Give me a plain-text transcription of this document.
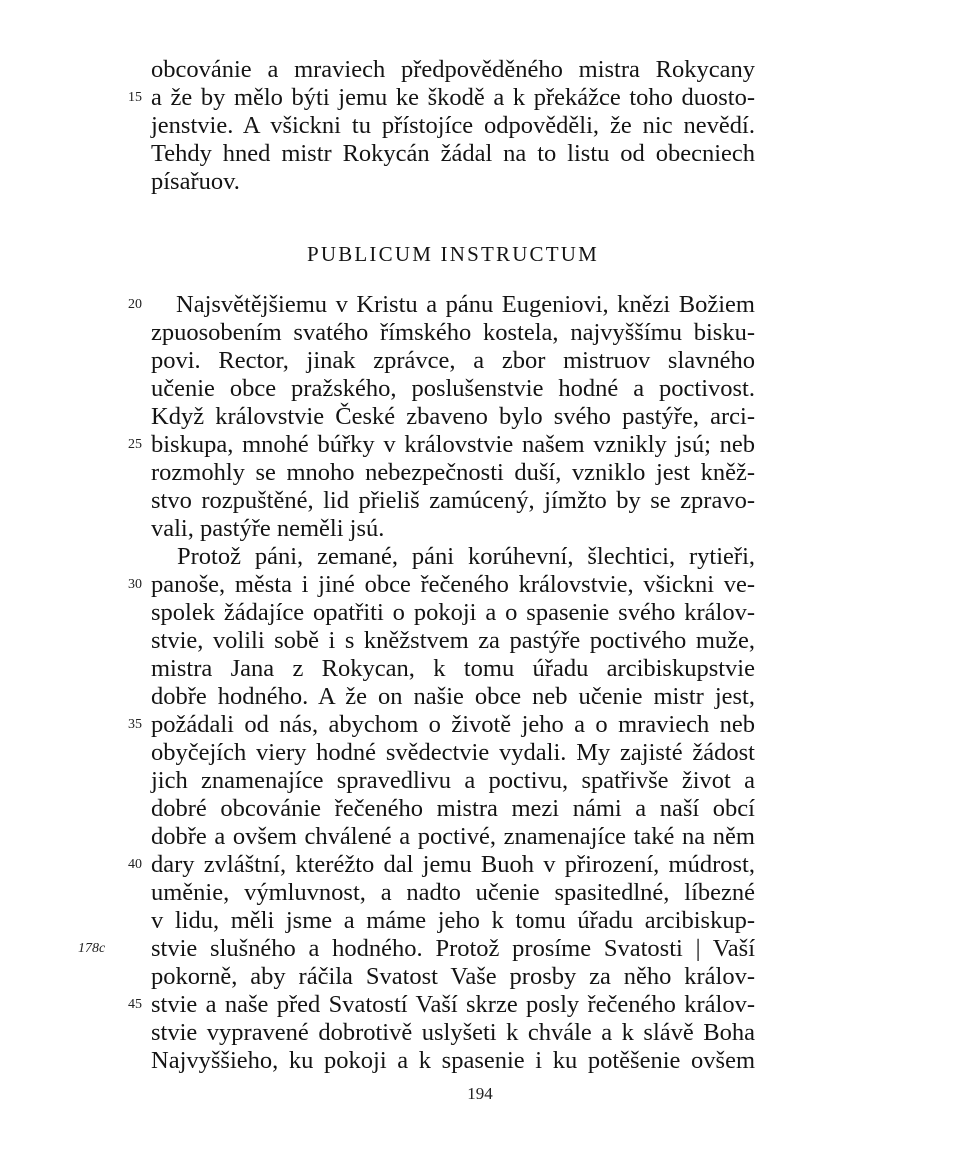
obcovánie a mraviech předpověděného mistra Rokycany
a že by mělo býti jemu ke škodě a k překážce toho duosto-
jenstvie. A všickni tu přístojíce odpověděli, že nic nevědí.
Tehdy hned mistr Rokycán žádal na to listu od obecniech
písařuov.
PUBLICUM INSTRUCTUM
Najsvětějšiemu v Kristu a pánu Eugeniovi, knězi Božiem
zpuosobením svatého římského kostela, najvyššímu bisku-
povi. Rector, jinak zprávce, a zbor mistruov slavného
učenie obce pražského, poslušenstvie hodné a poctivost.
Když královstvie České zbaveno bylo svého pastýře, arci-
biskupa, mnohé búřky v královstvie našem vznikly jsú; neb
rozmohly se mnoho nebezpečnosti duší, vzniklo jest kněž-
stvo rozpuštěné, lid přieliš zamúcený, jímžto by se zpravo-
vali, pastýře neměli jsú.
Protož páni, zemané, páni korúhevní, šlechtici, rytieři,
panoše, města i jiné obce řečeného královstvie, všickni ve-
spolek žádajíce opatřiti o pokoji a o spasenie svého králov-
stvie, volili sobě i s kněžstvem za pastýře poctivého muže,
mistra Jana z Rokycan, k tomu úřadu arcibiskupstvie
dobře hodného. A že on našie obce neb učenie mistr jest,
požádali od nás, abychom o životě jeho a o mraviech neb
obyčejích viery hodné svědectvie vydali. My zajisté žádost
jich znamenajíce spravedlivu a poctivu, spatřivše život a
dobré obcovánie řečeného mistra mezi námi a naší obcí
dobře a ovšem chválené a poctivé, znamenajíce také na něm
dary zvláštní, kteréžto dal jemu Buoh v přirození, múdrost,
uměnie, výmluvnost, a nadto učenie spasitedlné, líbezné
v lidu, měli jsme a máme jeho k tomu úřadu arcibiskup-
stvie slušného a hodného. Protož prosíme Svatosti | Vaší
pokorně, aby ráčila Svatost Vaše prosby za něho králov-
stvie a naše před Svatostí Vaší skrze posly řečeného králov-
stvie vypravené dobrotivě uslyšeti k chvále a k slávě Boha
Najvyššieho, ku pokoji a k spasenie i ku potěšenie ovšem
15
20
25
30
35
40
45
178c
194
